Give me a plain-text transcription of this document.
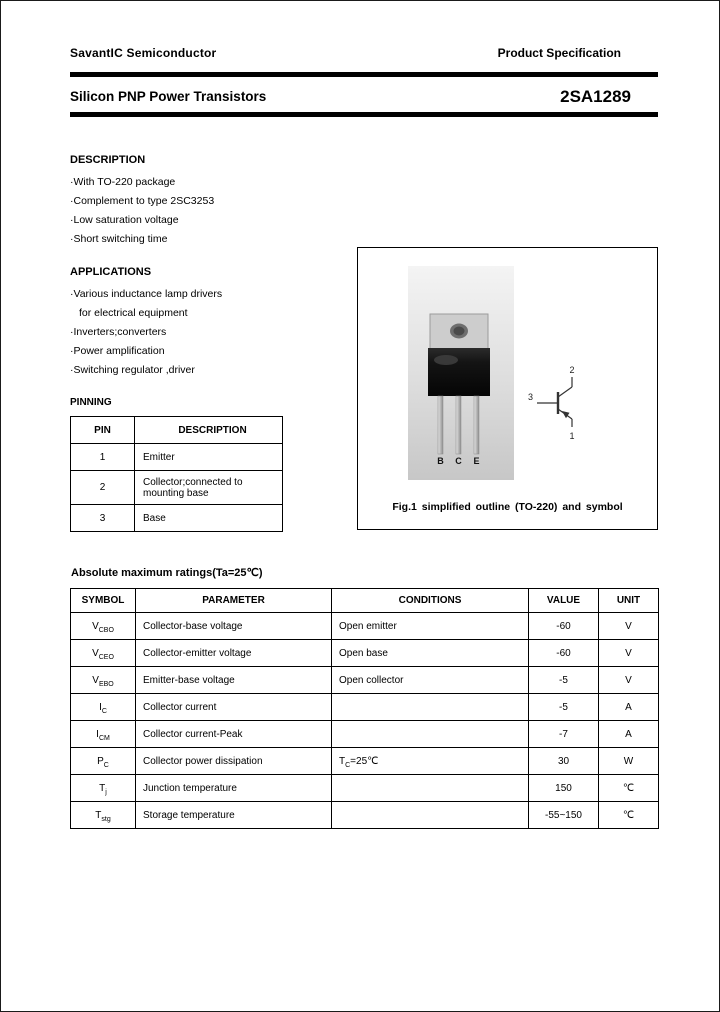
SavantIC Semiconductor	Product Specification
Silicon PNP Power Transistors	2SA1289
DESCRIPTION
·With TO-220 package
·Complement to type 2SC3253
·Low saturation voltage
·Short switching time
APPLICATIONS
·Various inductance lamp drivers
for electrical equipment
·Inverters;converters
·Power amplification
·Switching regulator ,driver
PINNING
PIN	DESCRIPTION
1	Emitter
2	Collector;connected to mounting base
3	Base
B C E
2
3
1
Fig.1 simplified outline (TO-220) and symbol
Absolute maximum ratings(Ta=25℃)
SYMBOL	PARAMETER	CONDITIONS	VALUE	UNIT
$V_{CBO}$	Collector-base voltage	Open emitter	-60	V
$V_{CEO}$	Collector-emitter voltage	Open base	-60	V
$V_{EBO}$	Emitter-base voltage	Open collector	-5	V
$I_C$	Collector current		-5	A
$I_{CM}$	Collector current-Peak		-7	A
$P_C$	Collector power dissipation	$T_C=25℃$	30	W
$T_j$	Junction temperature		150	℃
$T_{stg}$	Storage temperature		-55~150	℃
